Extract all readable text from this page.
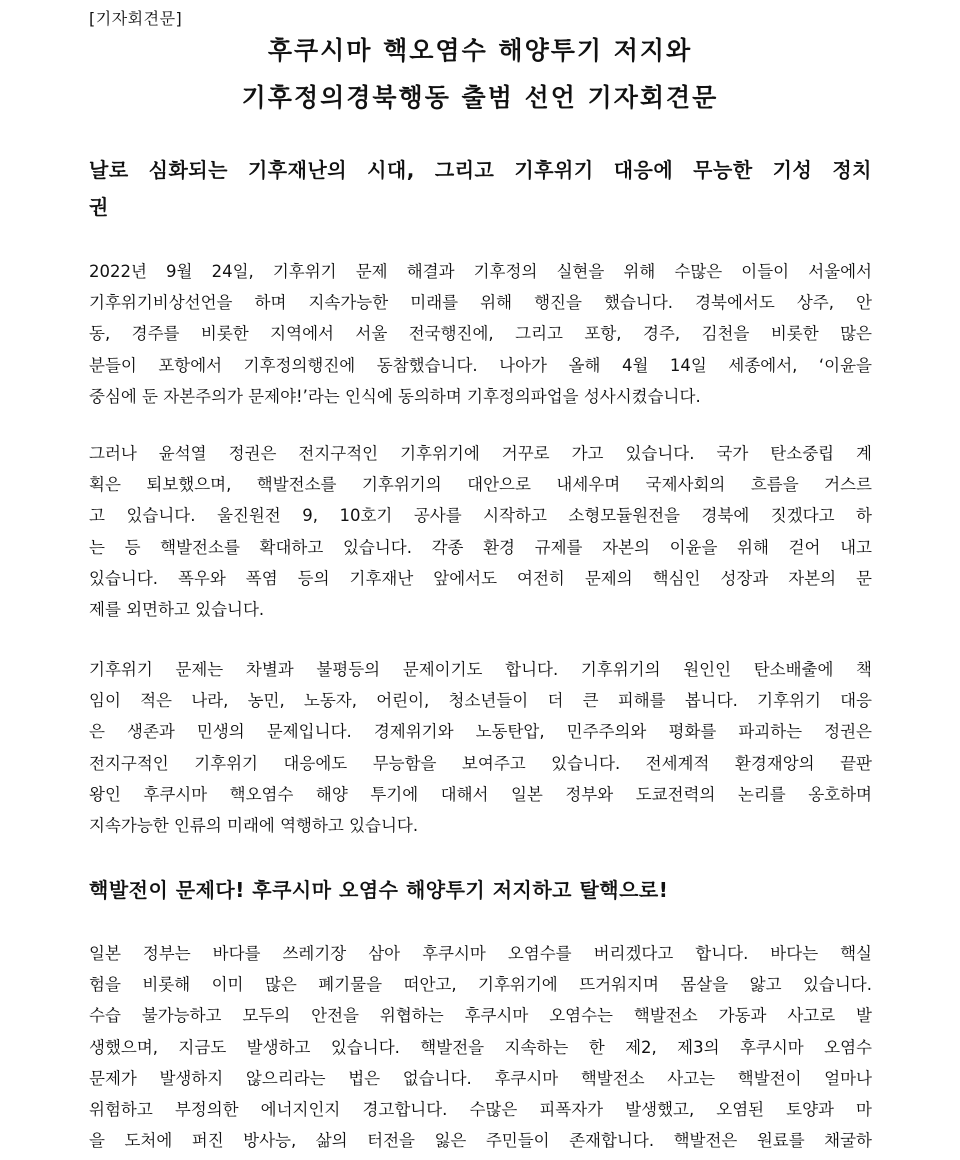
[기자회견문]
후쿠시마 핵오염수 해양투기 저지와
기후정의경북행동 출범 선언 기자회견문
날로 심화되는 기후재난의 시대, 그리고 기후위기 대응에 무능한 기성 정치
권
2022년 9월 24일, 기후위기 문제 해결과 기후정의 실현을 위해 수많은 이들이 서울에서
기후위기비상선언을 하며 지속가능한 미래를 위해 행진을 했습니다. 경북에서도 상주, 안
동, 경주를 비롯한 지역에서 서울 전국행진에, 그리고 포항, 경주, 김천을 비롯한 많은
분들이 포항에서 기후정의행진에 동참했습니다. 나아가 올해 4월 14일 세종에서, ‘이윤을
중심에 둔 자본주의가 문제야!’라는 인식에 동의하며 기후정의파업을 성사시켰습니다.
그러나 윤석열 정권은 전지구적인 기후위기에 거꾸로 가고 있습니다. 국가 탄소중립 계
획은 퇴보했으며, 핵발전소를 기후위기의 대안으로 내세우며 국제사회의 흐름을 거스르
고 있습니다. 울진원전 9, 10호기 공사를 시작하고 소형모듈원전을 경북에 짓겠다고 하
는 등 핵발전소를 확대하고 있습니다. 각종 환경 규제를 자본의 이윤을 위해 걷어 내고
있습니다. 폭우와 폭염 등의 기후재난 앞에서도 여전히 문제의 핵심인 성장과 자본의 문
제를 외면하고 있습니다.
기후위기 문제는 차별과 불평등의 문제이기도 합니다. 기후위기의 원인인 탄소배출에 책
임이 적은 나라, 농민, 노동자, 어린이, 청소년들이 더 큰 피해를 봅니다. 기후위기 대응
은 생존과 민생의 문제입니다. 경제위기와 노동탄압, 민주주의와 평화를 파괴하는 정권은
전지구적인 기후위기 대응에도 무능함을 보여주고 있습니다. 전세계적 환경재앙의 끝판
왕인 후쿠시마 핵오염수 해양 투기에 대해서 일본 정부와 도쿄전력의 논리를 옹호하며
지속가능한 인류의 미래에 역행하고 있습니다.
핵발전이 문제다! 후쿠시마 오염수 해양투기 저지하고 탈핵으로!
일본 정부는 바다를 쓰레기장 삼아 후쿠시마 오염수를 버리겠다고 합니다. 바다는 핵실
험을 비롯해 이미 많은 폐기물을 떠안고, 기후위기에 뜨거워지며 몸살을 앓고 있습니다.
수습 불가능하고 모두의 안전을 위협하는 후쿠시마 오염수는 핵발전소 가동과 사고로 발
생했으며, 지금도 발생하고 있습니다. 핵발전을 지속하는 한 제2, 제3의 후쿠시마 오염수
문제가 발생하지 않으리라는 법은 없습니다. 후쿠시마 핵발전소 사고는 핵발전이 얼마나
위험하고 부정의한 에너지인지 경고합니다. 수많은 피폭자가 발생했고, 오염된 토양과 마
을 도처에 퍼진 방사능, 삶의 터전을 잃은 주민들이 존재합니다. 핵발전은 원료를 채굴하
